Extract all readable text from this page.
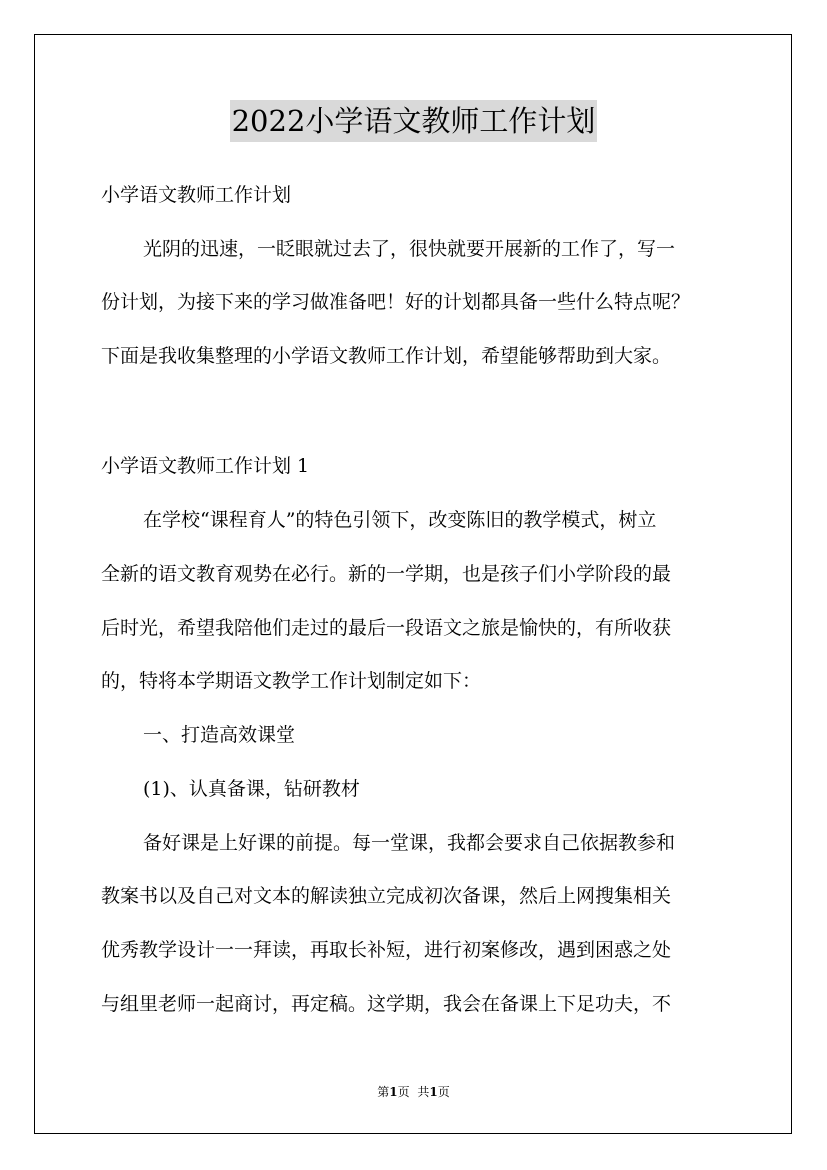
2022小学语文教师工作计划
小学语文教师工作计划
光阴的迅速，一眨眼就过去了，很快就要开展新的工作了，写一
份计划，为接下来的学习做准备吧！好的计划都具备一些什么特点呢？
下面是我收集整理的小学语文教师工作计划，希望能够帮助到大家。
小学语文教师工作计划 1
在学校“课程育人”的特色引领下，改变陈旧的教学模式，树立
全新的语文教育观势在必行。新的一学期，也是孩子们小学阶段的最
后时光，希望我陪他们走过的最后一段语文之旅是愉快的，有所收获
的，特将本学期语文教学工作计划制定如下：
一、打造高效课堂
(1)、认真备课，钻研教材
备好课是上好课的前提。每一堂课，我都会要求自己依据教参和
教案书以及自己对文本的解读独立完成初次备课，然后上网搜集相关
优秀教学设计一一拜读，再取长补短，进行初案修改，遇到困惑之处
与组里老师一起商讨，再定稿。这学期，我会在备课上下足功夫，不
第1页 共1页
